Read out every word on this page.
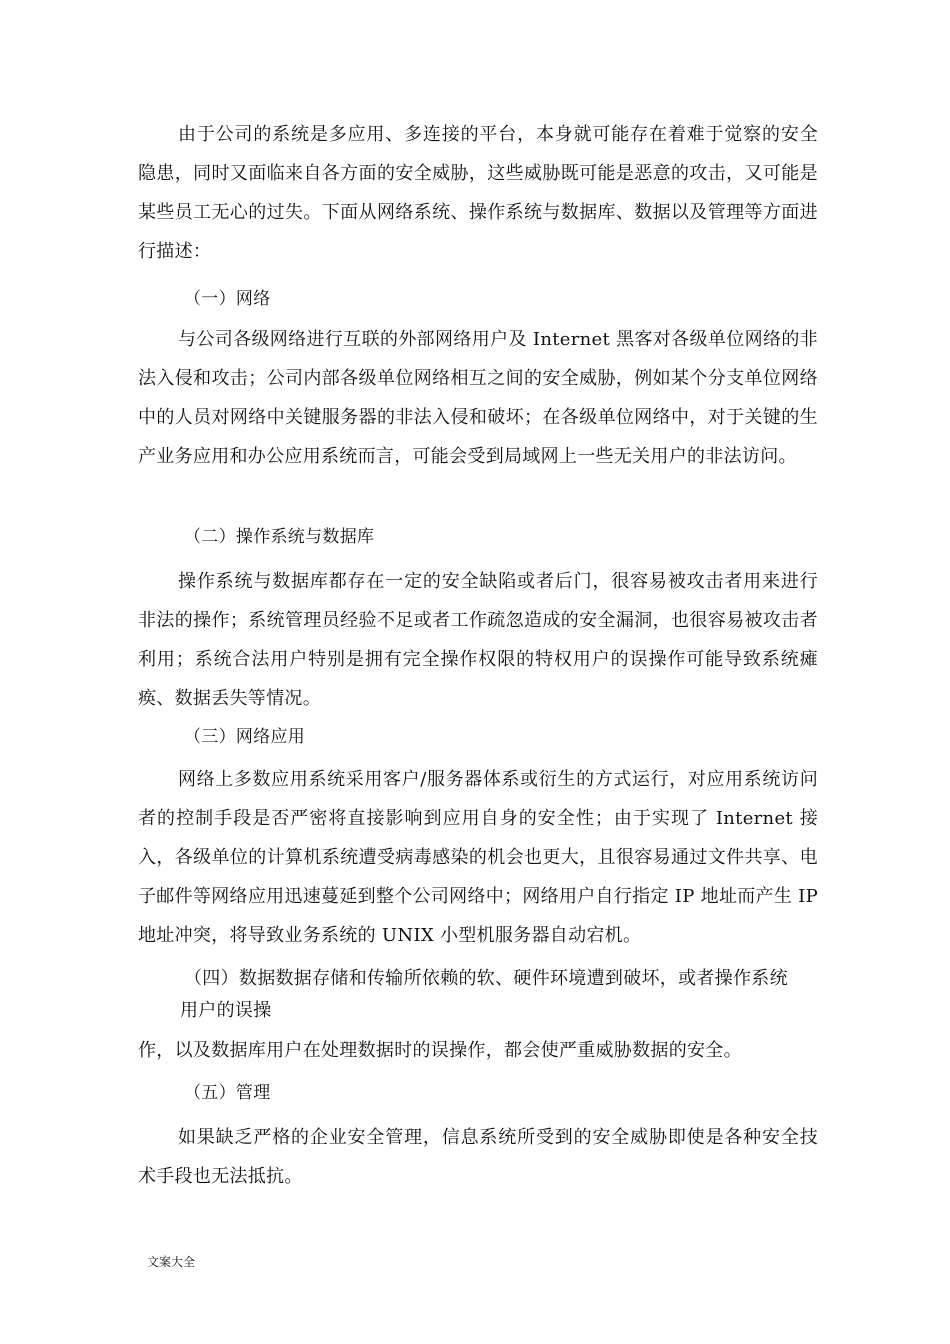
由于公司的系统是多应用、多连接的平台，本身就可能存在着难于觉察的安全隐患，同时又面临来自各方面的安全威胁，这些威胁既可能是恶意的攻击，又可能是某些员工无心的过失。下面从网络系统、操作系统与数据库、数据以及管理等方面进行描述：

（一）网络

与公司各级网络进行互联的外部网络用户及 Internet 黑客对各级单位网络的非法入侵和攻击；公司内部各级单位网络相互之间的安全威胁，例如某个分支单位网络中的人员对网络中关键服务器的非法入侵和破坏；在各级单位网络中，对于关键的生产业务应用和办公应用系统而言，可能会受到局域网上一些无关用户的非法访问。

（二）操作系统与数据库

操作系统与数据库都存在一定的安全缺陷或者后门，很容易被攻击者用来进行非法的操作；系统管理员经验不足或者工作疏忽造成的安全漏洞，也很容易被攻击者利用；系统合法用户特别是拥有完全操作权限的特权用户的误操作可能导致系统瘫痪、数据丢失等情况。

（三）网络应用

网络上多数应用系统采用客户/服务器体系或衍生的方式运行，对应用系统访问者的控制手段是否严密将直接影响到应用自身的安全性；由于实现了 Internet 接入，各级单位的计算机系统遭受病毒感染的机会也更大，且很容易通过文件共享、电子邮件等网络应用迅速蔓延到整个公司网络中；网络用户自行指定 IP 地址而产生 IP 地址冲突，将导致业务系统的 UNIX 小型机服务器自动宕机。

（四）数据数据存储和传输所依赖的软、硬件环境遭到破坏，或者操作系统

用户的误操

作，以及数据库用户在处理数据时的误操作，都会使严重威胁数据的安全。

（五）管理

如果缺乏严格的企业安全管理，信息系统所受到的安全威胁即使是各种安全技术手段也无法抵抗。

文案大全
